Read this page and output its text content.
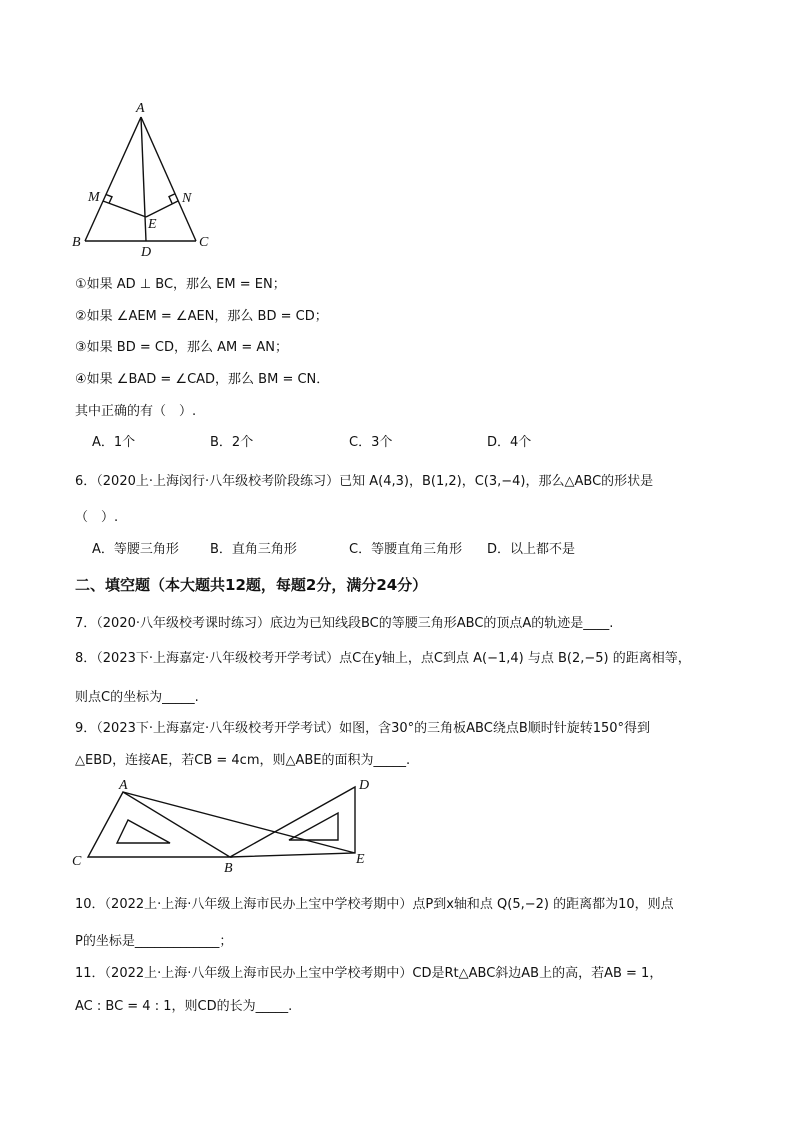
A
M	N
E
B
D
C
①如果 AD ⊥ BC，那么 EM = EN；
②如果 ∠AEM = ∠AEN，那么 BD = CD；
③如果 BD = CD，那么 AM = AN；
④如果 ∠BAD = ∠CAD，那么 BM = CN．
其中正确的有（　）.
A．1个	B．2个	C．3个	D．4个
6．（2020上·上海闵行·八年级校考阶段练习）已知 A(4,3)，B(1,2)，C(3,−4)，那么△ABC的形状是
（　）.
A．等腰三角形 B．直角三角形	C．等腰直角三角形 D．以上都不是
二、填空题（本大题共12题，每题2分，满分24分）
7．（2020·八年级校考课时练习）底边为已知线段BC的等腰三角形ABC的顶点A的轨迹是____.
8．（2023下·上海嘉定·八年级校考开学考试）点C在y轴上，点C到点 A(−1,4) 与点 B(2,−5) 的距离相等，
则点C的坐标为_____.
9．（2023下·上海嘉定·八年级校考开学考试）如图，含30°的三角板ABC绕点B顺时针旋转150°得到
△EBD，连接AE，若CB = 4cm，则△ABE的面积为_____.
A
C	B
D
E
10．（2022上·上海·八年级上海市民办上宝中学校考期中）点P到x轴和点 Q(5,−2) 的距离都为10，则点
P的坐标是_____________；
11．（2022上·上海·八年级上海市民办上宝中学校考期中）CD是Rt△ABC斜边AB上的高，若AB = 1，
AC : BC = 4 : 1，则CD的长为_____.
